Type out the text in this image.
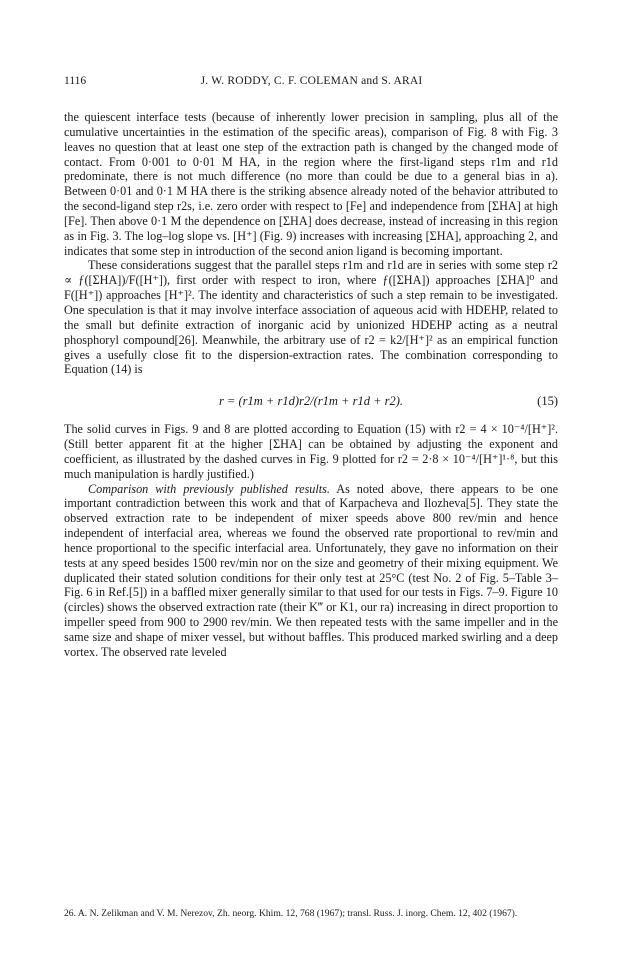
1116	J. W. RODDY, C. F. COLEMAN and S. ARAI

the quiescent interface tests (because of inherently lower precision in sampling, plus all of the cumulative uncertainties in the estimation of the specific areas), comparison of Fig. 8 with Fig. 3 leaves no question that at least one step of the extraction path is changed by the changed mode of contact. From 0·001 to 0·01 M HA, in the region where the first-ligand steps r1m and r1d predominate, there is not much difference (no more than could be due to a general bias in a). Between 0·01 and 0·1 M HA there is the striking absence already noted of the behavior attributed to the second-ligand step r2s, i.e. zero order with respect to [Fe] and independence from [ΣHA] at high [Fe]. Then above 0·1 M the dependence on [ΣHA] does decrease, instead of increasing in this region as in Fig. 3. The log–log slope vs. [H⁺] (Fig. 9) increases with increasing [ΣHA], approaching 2, and indicates that some step in introduction of the second anion ligand is becoming important.

These considerations suggest that the parallel steps r1m and r1d are in series with some step r2 ∝ ƒ([ΣHA])/F([H⁺]), first order with respect to iron, where ƒ([ΣHA]) approaches [ΣHA]⁰ and F([H⁺]) approaches [H⁺]². The identity and characteristics of such a step remain to be investigated. One speculation is that it may involve interface association of aqueous acid with HDEHP, related to the small but definite extraction of inorganic acid by unionized HDEHP acting as a neutral phosphoryl compound[26]. Meanwhile, the arbitrary use of r2 = k2/[H⁺]² as an empirical function gives a usefully close fit to the dispersion-extraction rates. The combination corresponding to Equation (14) is

r = (r1m + r1d)r2/(r1m + r1d + r2).	(15)

The solid curves in Figs. 9 and 8 are plotted according to Equation (15) with r2 = 4 × 10⁻⁴/[H⁺]². (Still better apparent fit at the higher [ΣHA] can be obtained by adjusting the exponent and coefficient, as illustrated by the dashed curves in Fig. 9 plotted for r2 = 2·8 × 10⁻⁴/[H⁺]¹·⁸, but this much manipulation is hardly justified.)

Comparison with previously published results. As noted above, there appears to be one important contradiction between this work and that of Karpacheva and Ilozheva[5]. They state the observed extraction rate to be independent of mixer speeds above 800 rev/min and hence independent of interfacial area, whereas we found the observed rate proportional to rev/min and hence proportional to the specific interfacial area. Unfortunately, they gave no information on their tests at any speed besides 1500 rev/min nor on the size and geometry of their mixing equipment. We duplicated their stated solution conditions for their only test at 25°C (test No. 2 of Fig. 5–Table 3–Fig. 6 in Ref.[5]) in a baffled mixer generally similar to that used for our tests in Figs. 7–9. Figure 10 (circles) shows the observed extraction rate (their K‴ or K1, our ra) increasing in direct proportion to impeller speed from 900 to 2900 rev/min. We then repeated tests with the same impeller and in the same size and shape of mixer vessel, but without baffles. This produced marked swirling and a deep vortex. The observed rate leveled

26. A. N. Zelikman and V. M. Nerezov, Zh. neorg. Khim. 12, 768 (1967); transl. Russ. J. inorg. Chem. 12, 402 (1967).
